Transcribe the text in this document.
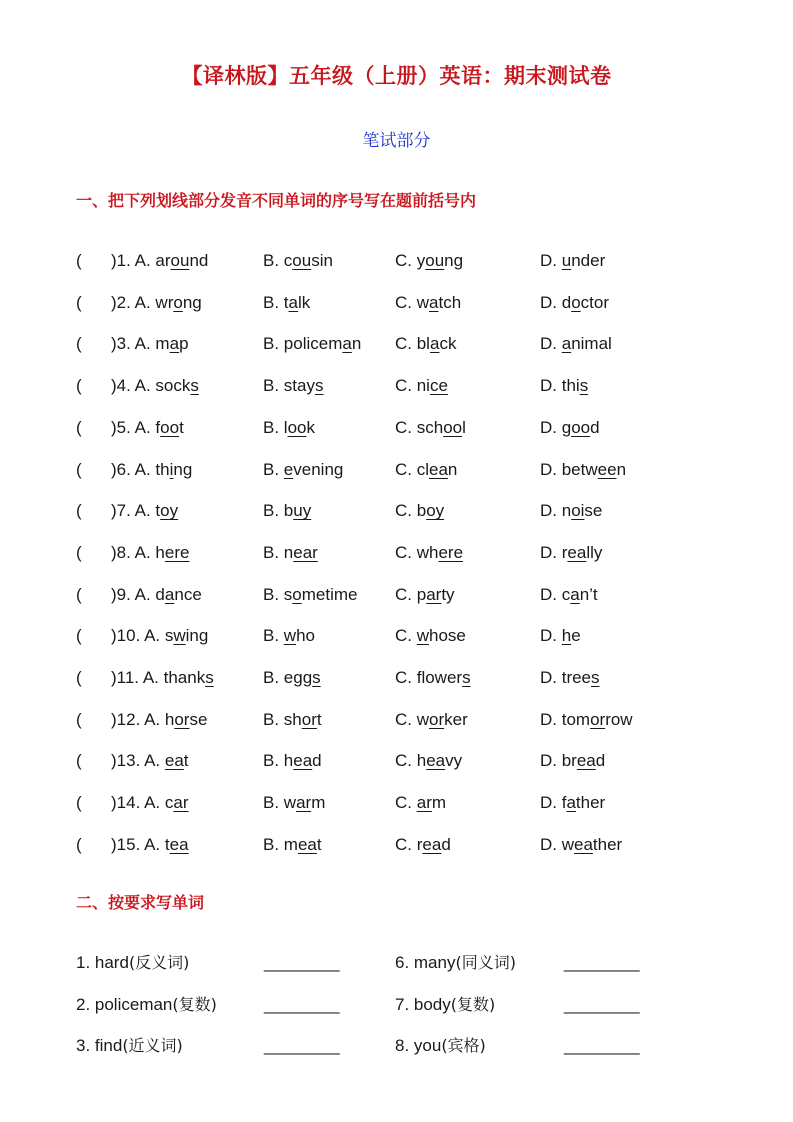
【译林版】五年级（上册）英语：期末测试卷
笔试部分
一、把下列划线部分发音不同单词的序号写在题前括号内
( )1. A. around	B. cousin	C. young	D. under
( )2. A. wrong	B. talk	C. watch	D. doctor
( )3. A. map	B. policeman C. black	D. animal
( )4. A. socks	B. stays	C. nice	D. this
( )5. A. foot	B. look	C. school	D. good
( )6. A. thing	B. evening	C. clean	D. between
( )7. A. toy	B. buy	C. boy	D. noise
( )8. A. here	B. near	C. where	D. really
( )9. A. dance	B. sometime C. party	D. can’t
( )10. A. swing	B. who	C. whose	D. he
( )11. A. thanks	B. eggs	C. flowers	D. trees
( )12. A. horse	B. short	C. worker	D. tomorrow
( )13. A. eat	B. head	C. heavy	D. bread
( )14. A. car	B. warm	C. arm	D. father
( )15. A. tea	B. meat	C. read	D. weather
二、按要求写单词
1. hard(反义词)	________	6. many(同义词)	________
2. policeman(复数)	________	7. body(复数)	________
3. find(近义词)	________	8. you(宾格)	________
